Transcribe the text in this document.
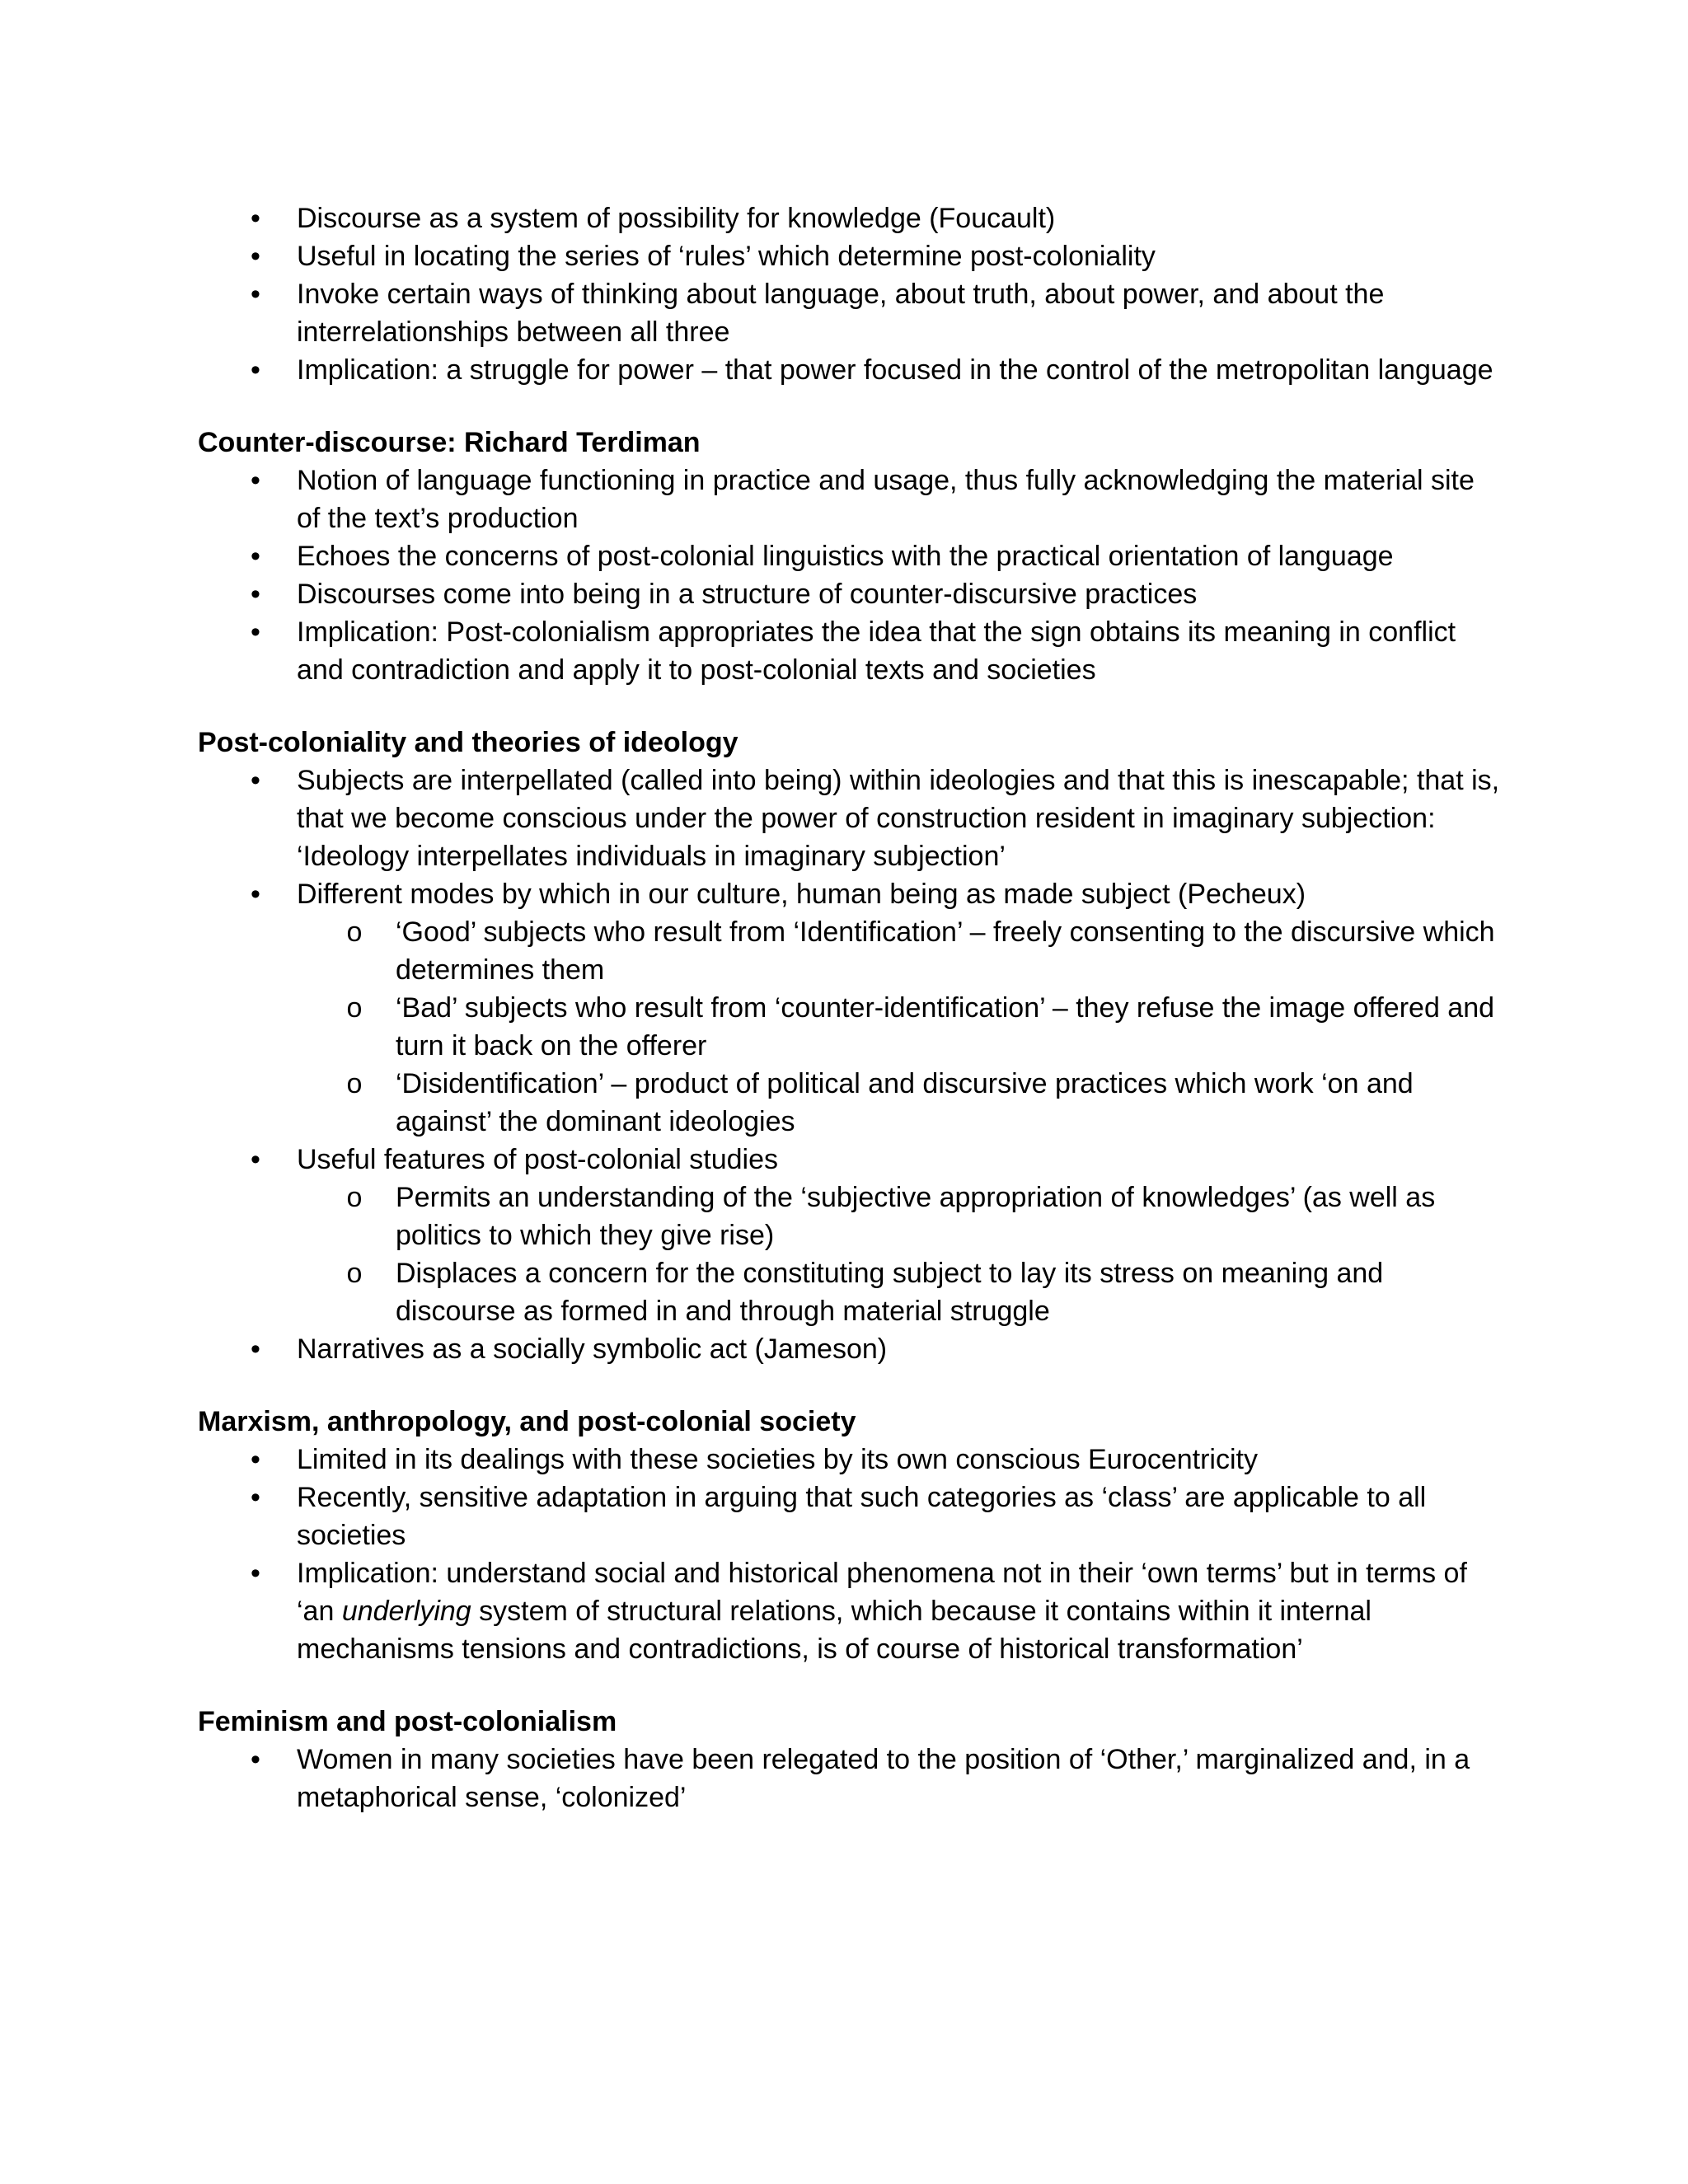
• Discourse as a system of possibility for knowledge (Foucault)
• Useful in locating the series of ‘rules’ which determine post-coloniality
• Invoke certain ways of thinking about language, about truth, about power, and about the interrelationships between all three
• Implication: a struggle for power – that power focused in the control of the metropolitan language

Counter-discourse: Richard Terdiman

• Notion of language functioning in practice and usage, thus fully acknowledging the material site of the text’s production
• Echoes the concerns of post-colonial linguistics with the practical orientation of language
• Discourses come into being in a structure of counter-discursive practices
• Implication: Post-colonialism appropriates the idea that the sign obtains its meaning in conflict and contradiction and apply it to post-colonial texts and societies

Post-coloniality and theories of ideology

• Subjects are interpellated (called into being) within ideologies and that this is inescapable; that is, that we become conscious under the power of construction resident in imaginary subjection: ‘Ideology interpellates individuals in imaginary subjection’
• Different modes by which in our culture, human being as made subject (Pecheux)
o ‘Good’ subjects who result from ‘Identification’ – freely consenting to the discursive which determines them
o ‘Bad’ subjects who result from ‘counter-identification’ – they refuse the image offered and turn it back on the offerer
o ‘Disidentification’ – product of political and discursive practices which work ‘on and against’ the dominant ideologies
• Useful features of post-colonial studies
o Permits an understanding of the ‘subjective appropriation of knowledges’ (as well as politics to which they give rise)
o Displaces a concern for the constituting subject to lay its stress on meaning and discourse as formed in and through material struggle
• Narratives as a socially symbolic act (Jameson)

Marxism, anthropology, and post-colonial society

• Limited in its dealings with these societies by its own conscious Eurocentricity
• Recently, sensitive adaptation in arguing that such categories as ‘class’ are applicable to all societies
• Implication: understand social and historical phenomena not in their ‘own terms’ but in terms of ‘an underlying system of structural relations, which because it contains within it internal mechanisms tensions and contradictions, is of course of historical transformation’

Feminism and post-colonialism

• Women in many societies have been relegated to the position of ‘Other,’ marginalized and, in a metaphorical sense, ‘colonized’
